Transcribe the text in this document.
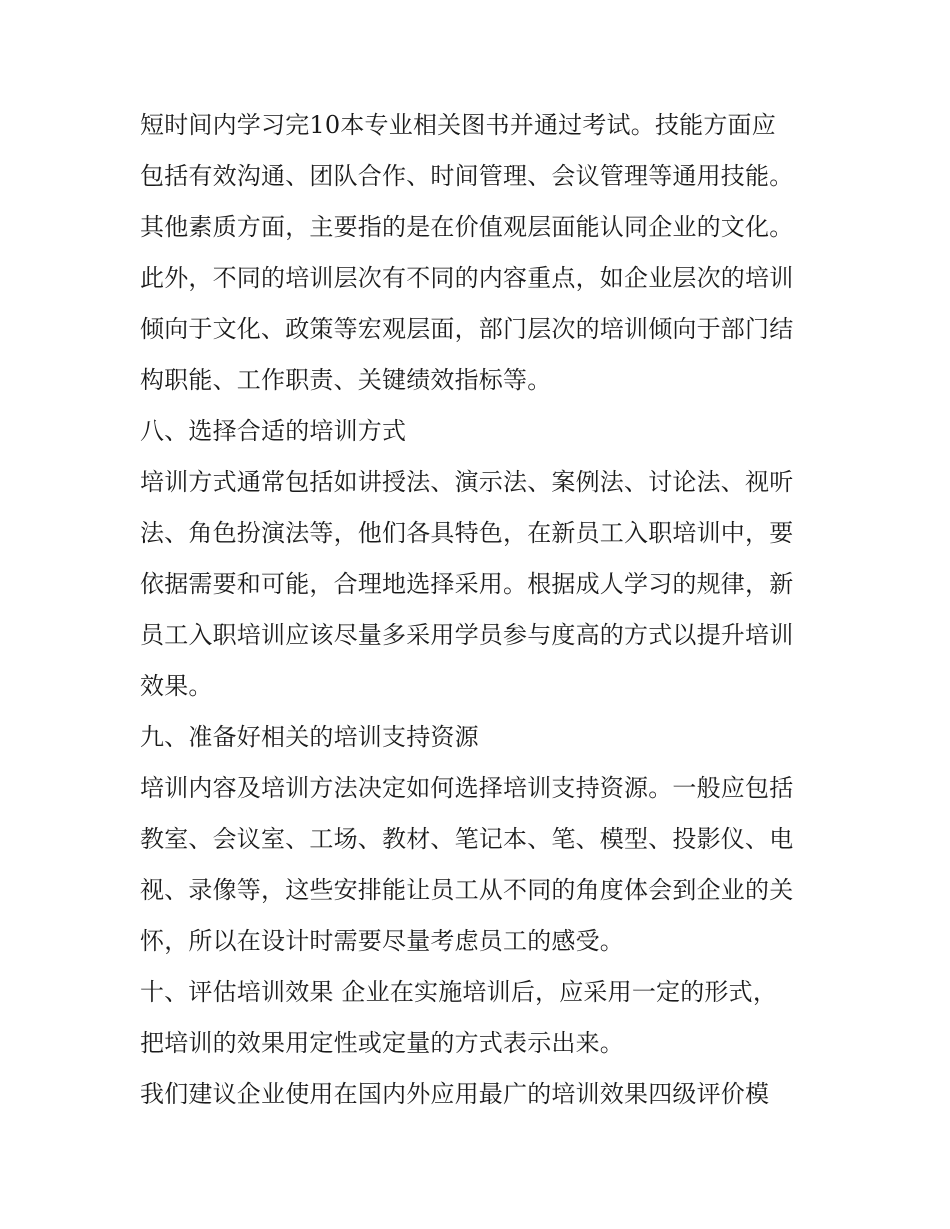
短时间内学习完10本专业相关图书并通过考试。技能方面应
包括有效沟通、团队合作、时间管理、会议管理等通用技能。
其他素质方面，主要指的是在价值观层面能认同企业的文化。
此外，不同的培训层次有不同的内容重点，如企业层次的培训
倾向于文化、政策等宏观层面，部门层次的培训倾向于部门结
构职能、工作职责、关键绩效指标等。
八、选择合适的培训方式
培训方式通常包括如讲授法、演示法、案例法、讨论法、视听
法、角色扮演法等，他们各具特色，在新员工入职培训中，要
依据需要和可能，合理地选择采用。根据成人学习的规律，新
员工入职培训应该尽量多采用学员参与度高的方式以提升培训
效果。
九、准备好相关的培训支持资源
培训内容及培训方法决定如何选择培训支持资源。一般应包括
教室、会议室、工场、教材、笔记本、笔、模型、投影仪、电
视、录像等，这些安排能让员工从不同的角度体会到企业的关
怀，所以在设计时需要尽量考虑员工的感受。
十、评估培训效果 企业在实施培训后，应采用一定的形式，
把培训的效果用定性或定量的方式表示出来。
我们建议企业使用在国内外应用最广的培训效果四级评价模
